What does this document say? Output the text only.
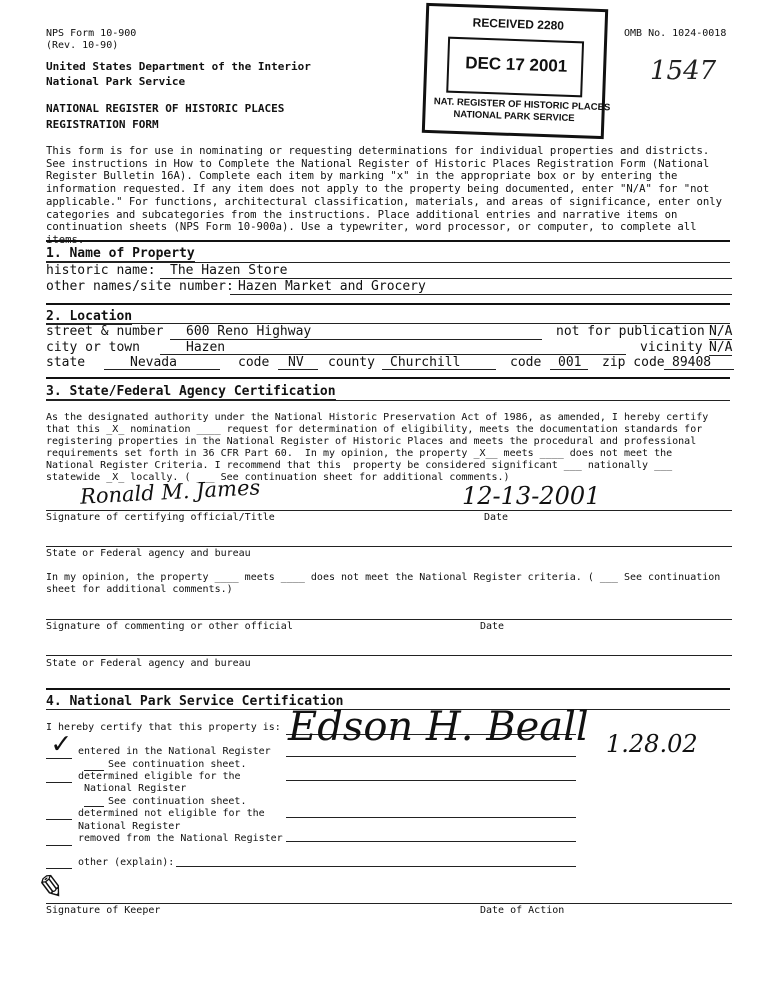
NPS Form 10-900
(Rev. 10-90)
OMB No. 1024-0018
United States Department of the Interior
National Park Service
NATIONAL REGISTER OF HISTORIC PLACES
REGISTRATION FORM
1547
RECEIVED 2280
DEC 17 2001
NAT. REGISTER OF HISTORIC PLACES
NATIONAL PARK SERVICE
This form is for use in nominating or requesting determinations for individual properties and districts. See instructions in How to Complete the National Register of Historic Places Registration Form (National Register Bulletin 16A). Complete each item by marking "x" in the appropriate box or by entering the information requested. If any item does not apply to the property being documented, enter "N/A" for "not applicable." For functions, architectural classification, materials, and areas of significance, enter only categories and subcategories from the instructions. Place additional entries and narrative items on continuation sheets (NPS Form 10-900a). Use a typewriter, word processor, or computer, to complete all items.
1. Name of Property
historic name: The Hazen Store
other names/site number: Hazen Market and Grocery
2. Location
street & number 600 Reno Highway	not for publication N/A
city or town	Hazen	vicinity N/A
state	Nevada	code NV county Churchill	code 001 zip code 89408
3. State/Federal Agency Certification
As the designated authority under the National Historic Preservation Act of 1986, as amended, I hereby certify
that this _X_ nomination ____ request for determination of eligibility, meets the documentation standards for
registering properties in the National Register of Historic Places and meets the procedural and professional
requirements set forth in 36 CFR Part 60.  In my opinion, the property _X__ meets ____ does not meet the
National Register Criteria. I recommend that this  property be considered significant ___ nationally ___
statewide _X_ locally. ( ___ See continuation sheet for additional comments.)
Ronald M. James	12-13-2001
Signature of certifying official/Title	Date
State or Federal agency and bureau
In my opinion, the property ____ meets ____ does not meet the National Register criteria. ( ___ See continuation
sheet for additional comments.)
Signature of commenting or other official	Date
State or Federal agency and bureau
4. National Park Service Certification
I hereby certify that this property is: Edson H. Beall 1.28.02
✓ entered in the National Register
See continuation sheet.
determined eligible for the
National Register
See continuation sheet.
determined not eligible for the
National Register
removed from the National Register
other (explain):
✎
Signature of Keeper	Date of Action
